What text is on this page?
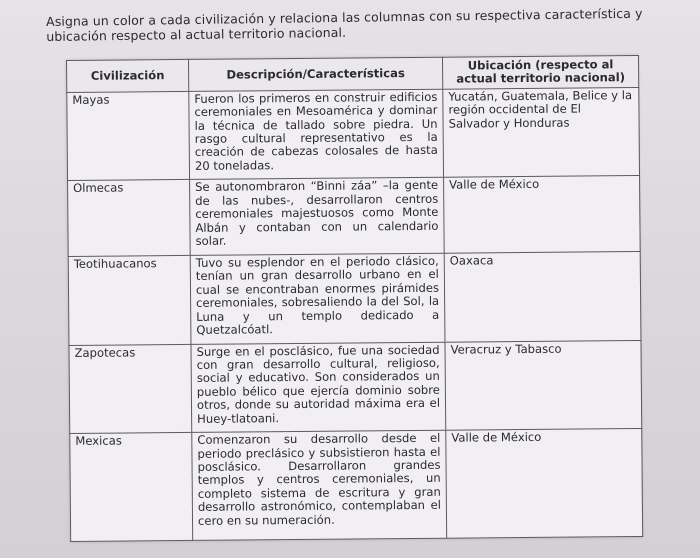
Asigna un color a cada civilización y relaciona las columnas con su respectiva característica y ubicación respecto al actual territorio nacional.
Civilización	Descripción/Características	Ubicación (respecto al actual territorio nacional)
Mayas	Fueron los primeros en construir edificios ceremoniales en Mesoamérica y dominar la técnica de tallado sobre piedra. Un rasgo cultural representativo es la creación de cabezas colosales de hasta 20 toneladas.	Yucatán, Guatemala, Belice y la región occidental de El Salvador y Honduras
Olmecas	Se autonombraron “Binni záa” –la gente de las nubes-, desarrollaron centros ceremoniales majestuosos como Monte Albán y contaban con un calendario solar.	Valle de México
Teotihuacanos	Tuvo su esplendor en el periodo clásico, tenían un gran desarrollo urbano en el cual se encontraban enormes pirámides ceremoniales, sobresaliendo la del Sol, la Luna y un templo dedicado a Quetzalcóatl.	Oaxaca
Zapotecas	Surge en el posclásico, fue una sociedad con gran desarrollo cultural, religioso, social y educativo. Son considerados un pueblo bélico que ejercía dominio sobre otros, donde su autoridad máxima era el Huey-tlatoani.	Veracruz y Tabasco
Mexicas	Comenzaron su desarrollo desde el periodo preclásico y subsistieron hasta el posclásico. Desarrollaron grandes templos y centros ceremoniales, un completo sistema de escritura y gran desarrollo astronómico, contemplaban el cero en su numeración.	Valle de México
